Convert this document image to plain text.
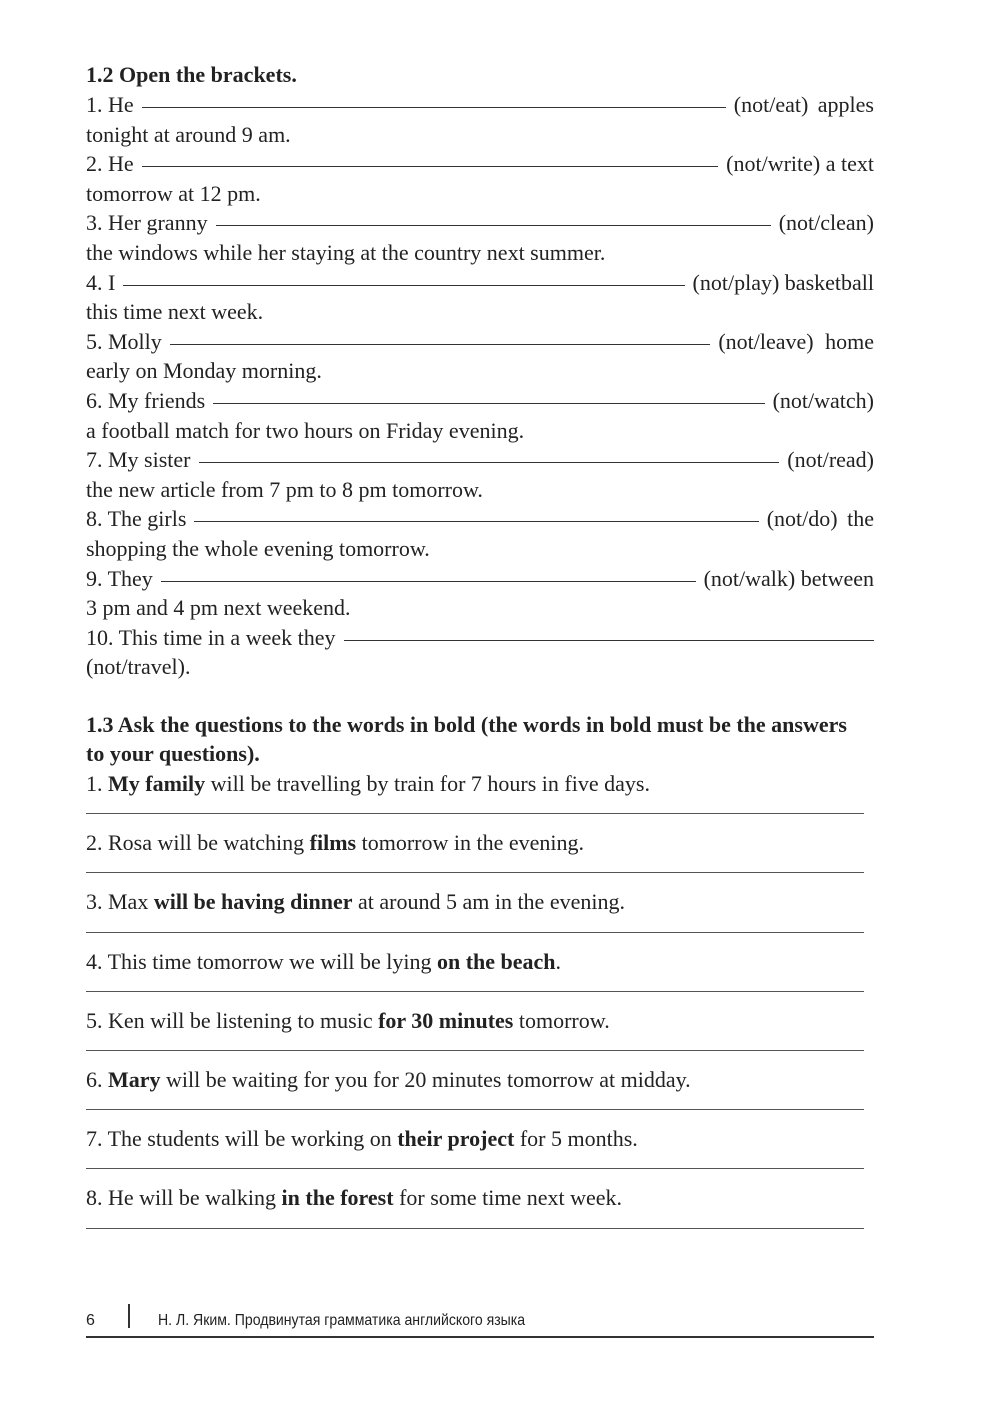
1.2 Open the brackets.

1. He	(not/eat) apples
tonight at around 9 am.
2. He	(not/write) a text
tomorrow at 12 pm.
3. Her granny	(not/clean)
the windows while her staying at the country next summer.
4. I	(not/play) basketball
this time next week.
5. Molly	(not/leave) home
early on Monday morning.
6. My friends	(not/watch)
a football match for two hours on Friday evening.
7. My sister	(not/read)
the new article from 7 pm to 8 pm tomorrow.
8. The girls	(not/do) the
shopping the whole evening tomorrow.
9. They	(not/walk) between
3 pm and 4 pm next weekend.
10. This time in a week they
(not/travel).

1.3 Ask the questions to the words in bold (the words in bold must be the answers
to your questions).

1. My family will be travelling by train for 7 hours in five days.
2. Rosa will be watching films tomorrow in the evening.
3. Max will be having dinner at around 5 am in the evening.
4. This time tomorrow we will be lying on the beach.
5. Ken will be listening to music for 30 minutes tomorrow.
6. Mary will be waiting for you for 20 minutes tomorrow at midday.
7. The students will be working on their project for 5 months.
8. He will be walking in the forest for some time next week.
6	Н. Л. Яким. Продвинутая грамматика английского языка
